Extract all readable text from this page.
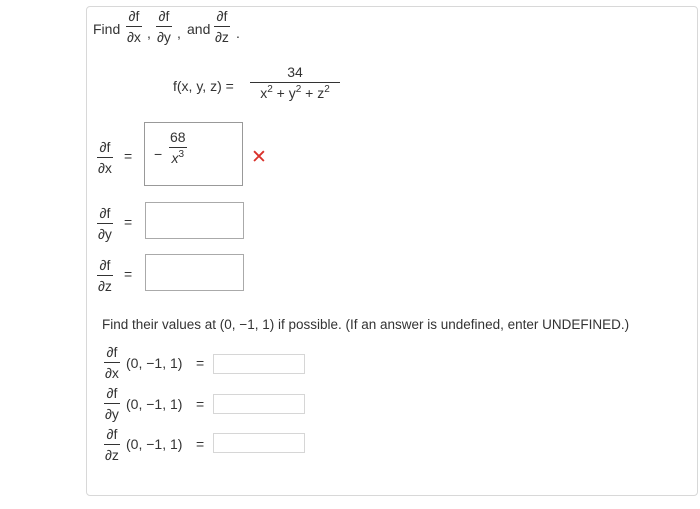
Find
∂f
∂x ,
∂f
∂y , and
∂f
∂z .
f(x, y, z) =
34
$x^2 + y^2 + z^2$
∂f
∂x
= −
68
$x^3$	✕
∂f
∂y
=
∂f
∂z
=
Find their values at (0, −1, 1) if possible. (If an answer is undefined, enter UNDEFINED.)
∂f
∂x
(0, −1, 1) =
∂f
∂y
(0, −1, 1) =
∂f
∂z
(0, −1, 1) =
